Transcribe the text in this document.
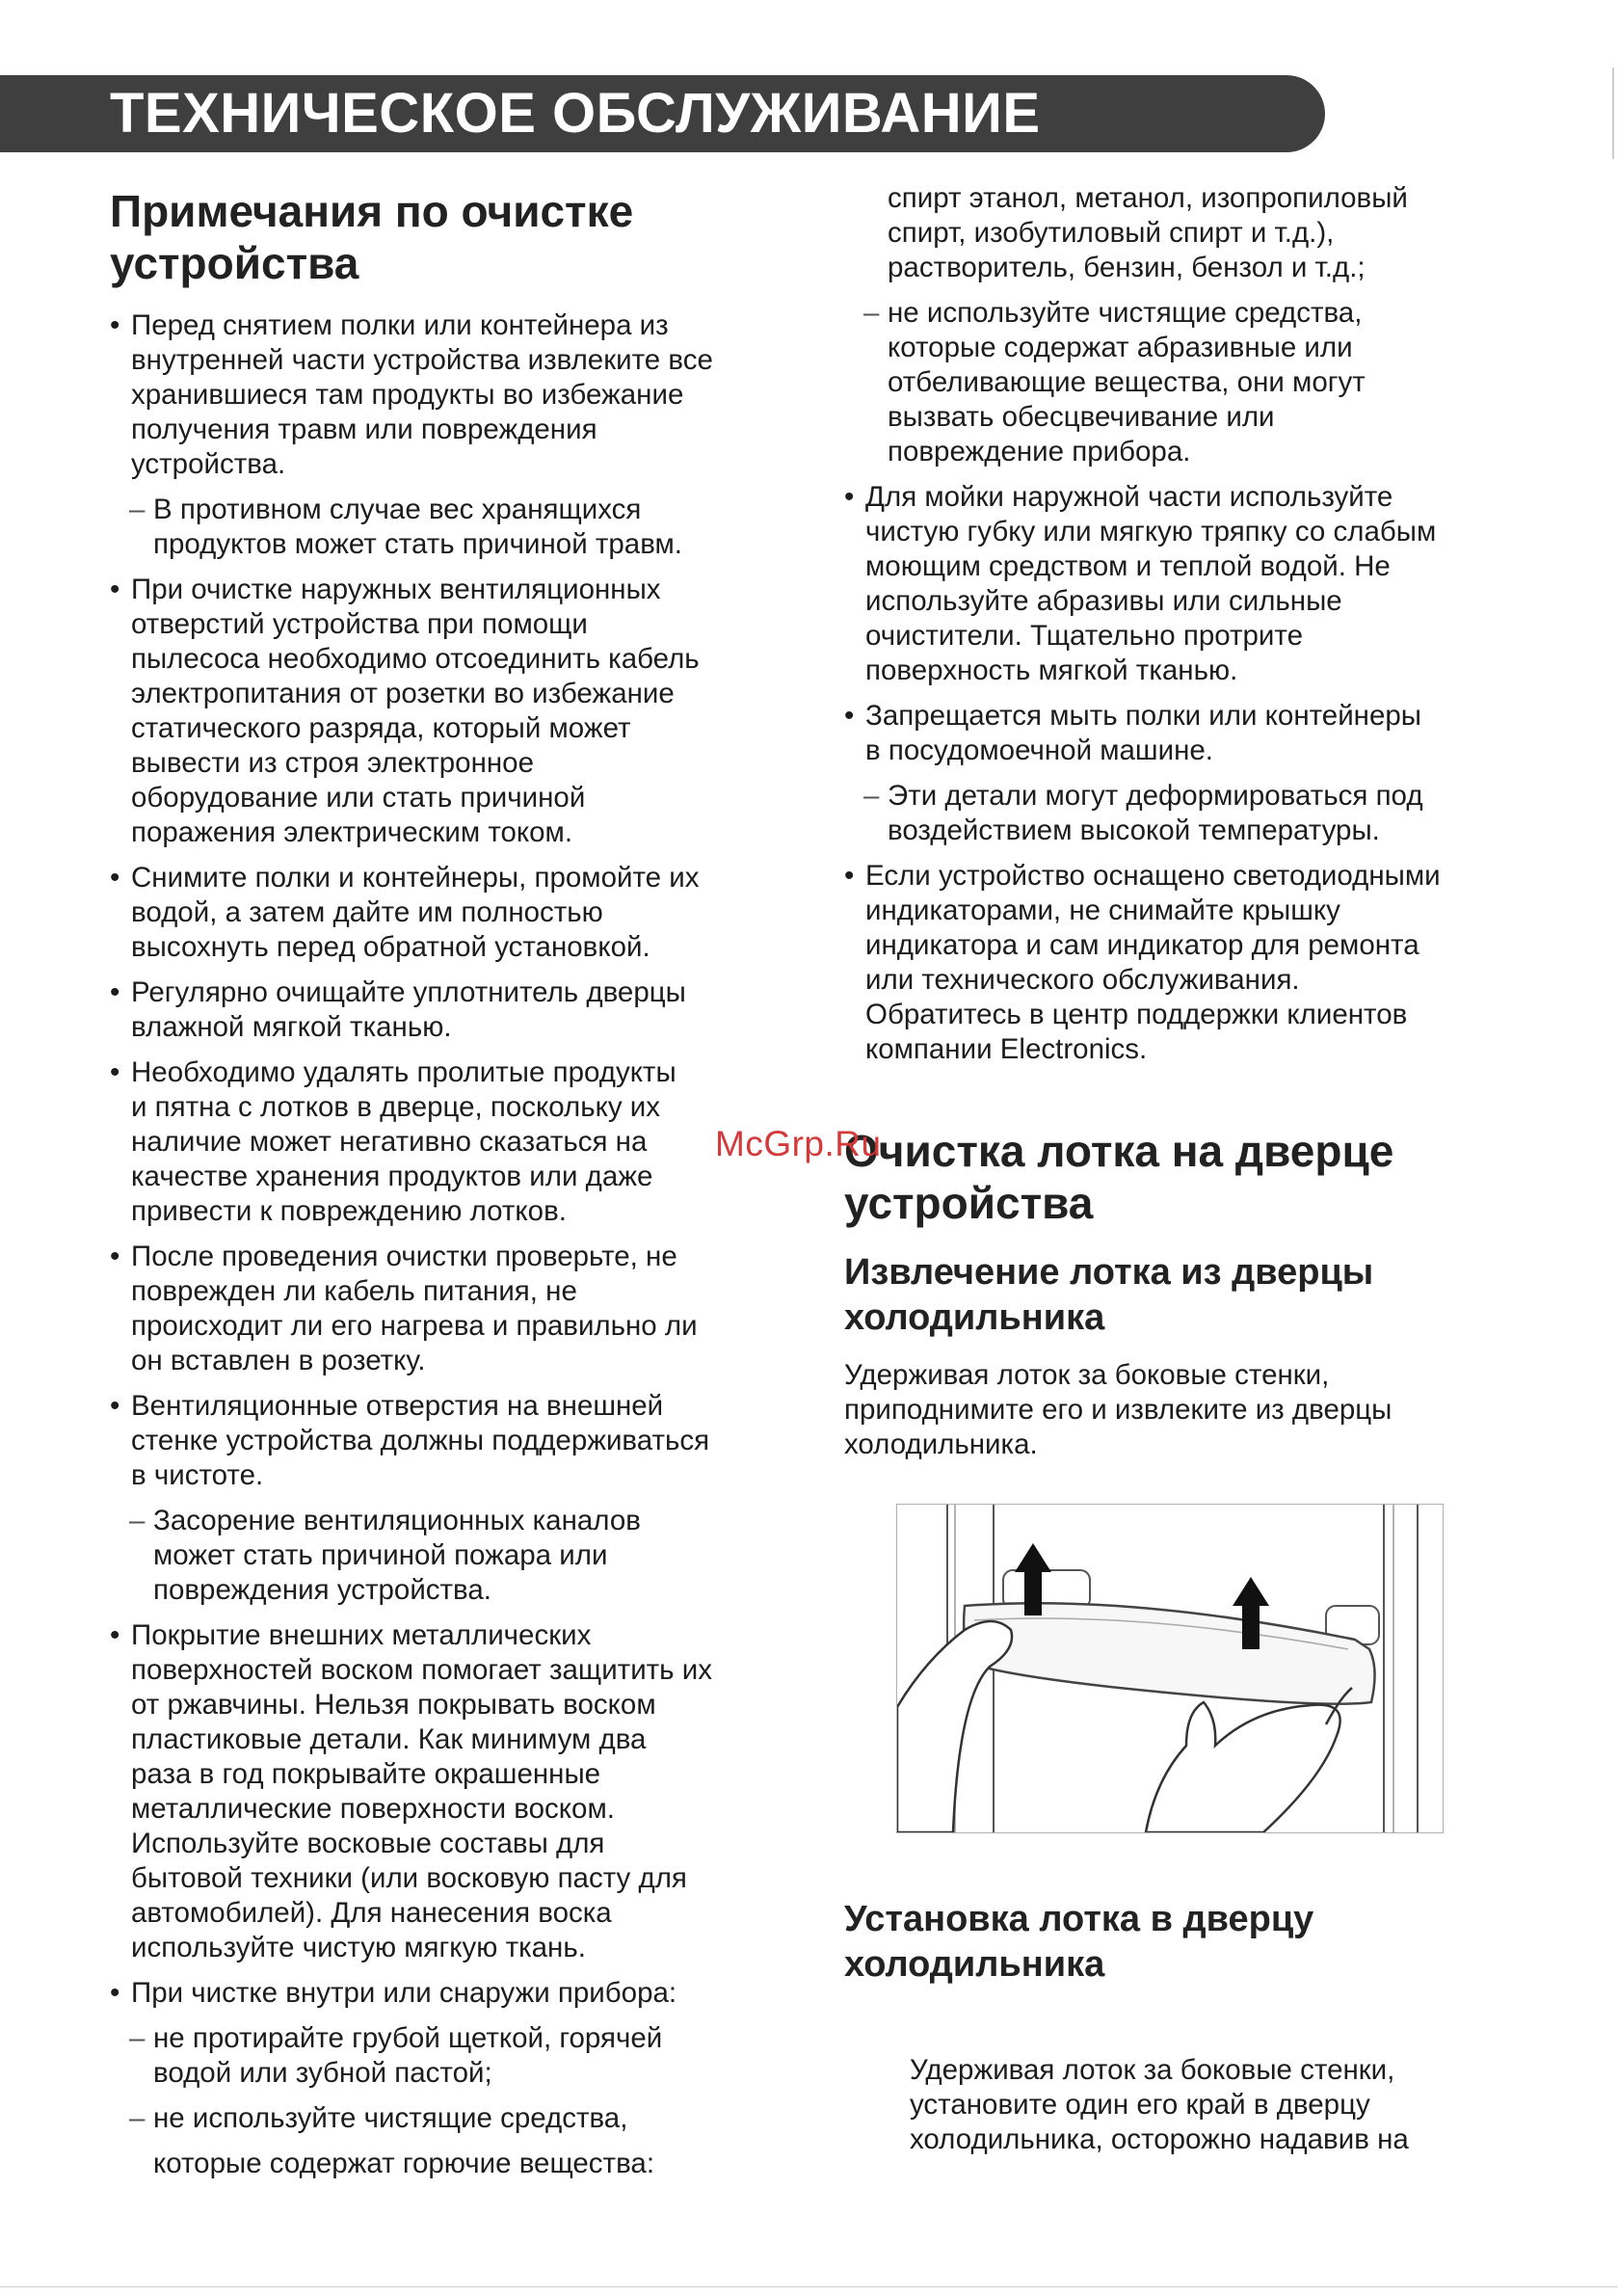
ТЕХНИЧЕСКОЕ ОБСЛУЖИВАНИЕ
Примечания по очистке
устройства
• Перед снятием полки или контейнера из
внутренней части устройства извлеките все
хранившиеся там продукты во избежание
получения травм или повреждения
устройства.
– В противном случае вес хранящихся
продуктов может стать причиной травм.
• При очистке наружных вентиляционных
отверстий устройства при помощи
пылесоса необходимо отсоединить кабель
электропитания от розетки во избежание
статического разряда, который может
вывести из строя электронное
оборудование или стать причиной
поражения электрическим током.
• Снимите полки и контейнеры, промойте их
водой, а затем дайте им полностью
высохнуть перед обратной установкой.
• Регулярно очищайте уплотнитель дверцы
влажной мягкой тканью.
• Необходимо удалять пролитые продукты
и пятна с лотков в дверце, поскольку их
наличие может негативно сказаться на
качестве хранения продуктов или даже
привести к повреждению лотков.
• После проведения очистки проверьте, не
поврежден ли кабель питания, не
происходит ли его нагрева и правильно ли
он вставлен в розетку.
• Вентиляционные отверстия на внешней
стенке устройства должны поддерживаться
в чистоте.
– Засорение вентиляционных каналов
может стать причиной пожара или
повреждения устройства.
• Покрытие внешних металлических
поверхностей воском помогает защитить их
от ржавчины. Нельзя покрывать воском
пластиковые детали. Как минимум два
раза в год покрывайте окрашенные
металлические поверхности воском.
Используйте восковые составы для
бытовой техники (или восковую пасту для
автомобилей). Для нанесения воска
используйте чистую мягкую ткань.
• При чистке внутри или снаружи прибора:
– не протирайте грубой щеткой, горячей
водой или зубной пастой;
– не используйте чистящие средства,
которые содержат горючие вещества:
спирт этанол, метанол, изопропиловый
спирт, изобутиловый спирт и т.д.),
растворитель, бензин, бензол и т.д.;
– не используйте чистящие средства,
которые содержат абразивные или
отбеливающие вещества, они могут
вызвать обесцвечивание или
повреждение прибора.
• Для мойки наружной части используйте
чистую губку или мягкую тряпку со слабым
моющим средством и теплой водой. Не
используйте абразивы или сильные
очистители. Тщательно протрите
поверхность мягкой тканью.
• Запрещается мыть полки или контейнеры
в посудомоечной машине.
– Эти детали могут деформироваться под
воздействием высокой температуры.
• Если устройство оснащено светодиодными
индикаторами, не снимайте крышку
индикатора и сам индикатор для ремонта
или технического обслуживания.
Обратитесь в центр поддержки клиентов
компании Electronics.
Очистка лотка на дверце
устройства
Извлечение лотка из дверцы
холодильника
Удерживая лоток за боковые стенки,
приподнимите его и извлеките из дверцы
холодильника.
Установка лотка в дверцу
холодильника
Удерживая лоток за боковые стенки,
установите один его край в дверцу
холодильника, осторожно надавив на
McGrp.Ru
